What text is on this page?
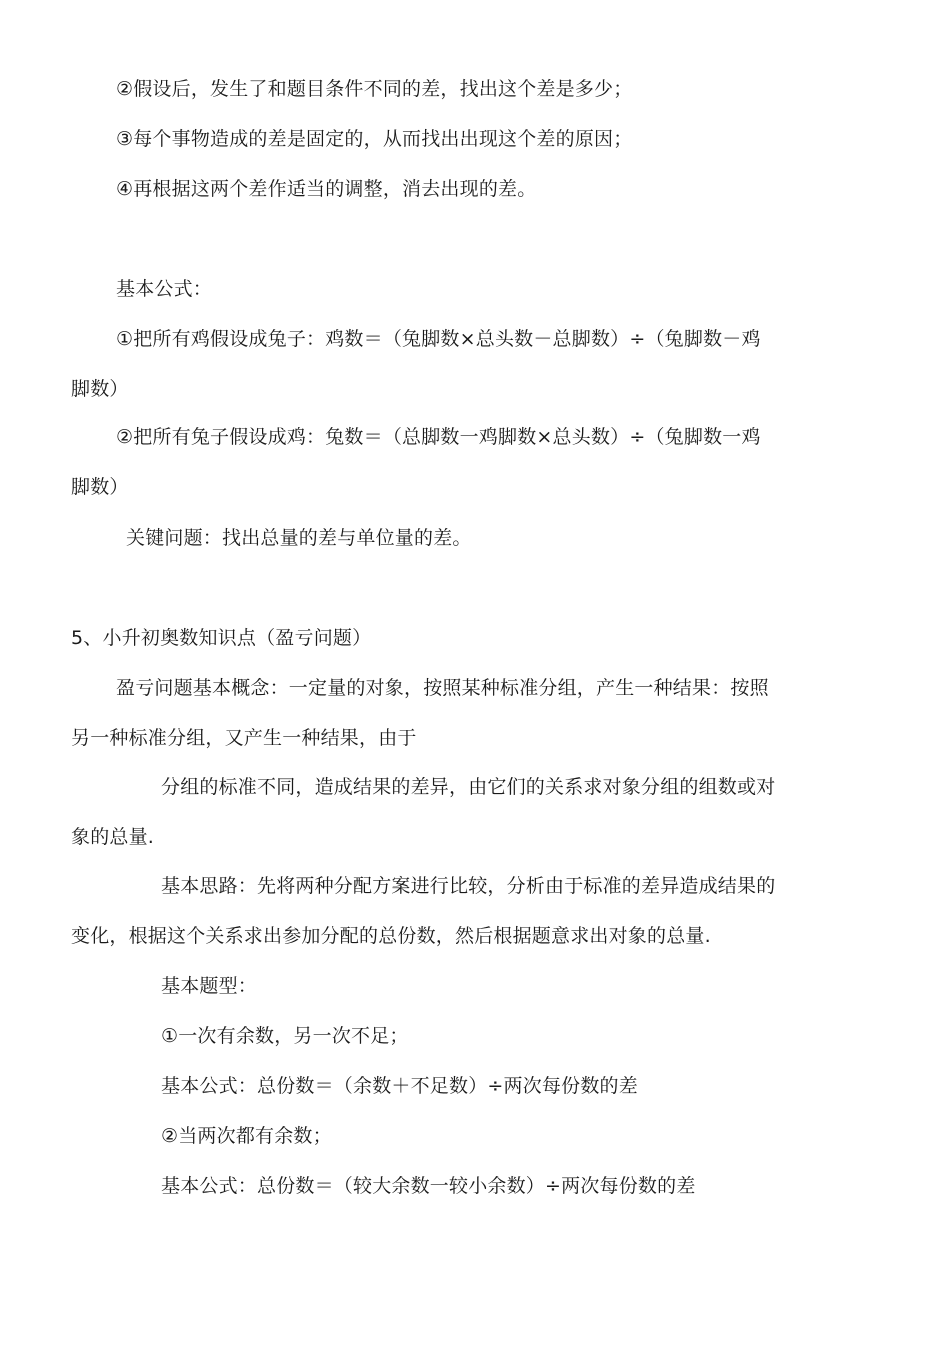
②假设后，发生了和题目条件不同的差，找出这个差是多少；
③每个事物造成的差是固定的，从而找出出现这个差的原因；
④再根据这两个差作适当的调整，消去出现的差。
基本公式：
①把所有鸡假设成兔子：鸡数＝（兔脚数×总头数－总脚数）÷（兔脚数－鸡
脚数）
②把所有兔子假设成鸡：兔数＝（总脚数一鸡脚数×总头数）÷（兔脚数一鸡
脚数）
关键问题：找出总量的差与单位量的差。
5、小升初奥数知识点（盈亏问题）
盈亏问题基本概念：一定量的对象，按照某种标准分组，产生一种结果：按照
另一种标准分组，又产生一种结果，由于
分组的标准不同，造成结果的差异，由它们的关系求对象分组的组数或对
象的总量.
基本思路：先将两种分配方案进行比较，分析由于标准的差异造成结果的
变化，根据这个关系求出参加分配的总份数，然后根据题意求出对象的总量.
基本题型：
①一次有余数，另一次不足；
基本公式：总份数＝（余数＋不足数）÷两次每份数的差
②当两次都有余数；
基本公式：总份数＝（较大余数一较小余数）÷两次每份数的差
